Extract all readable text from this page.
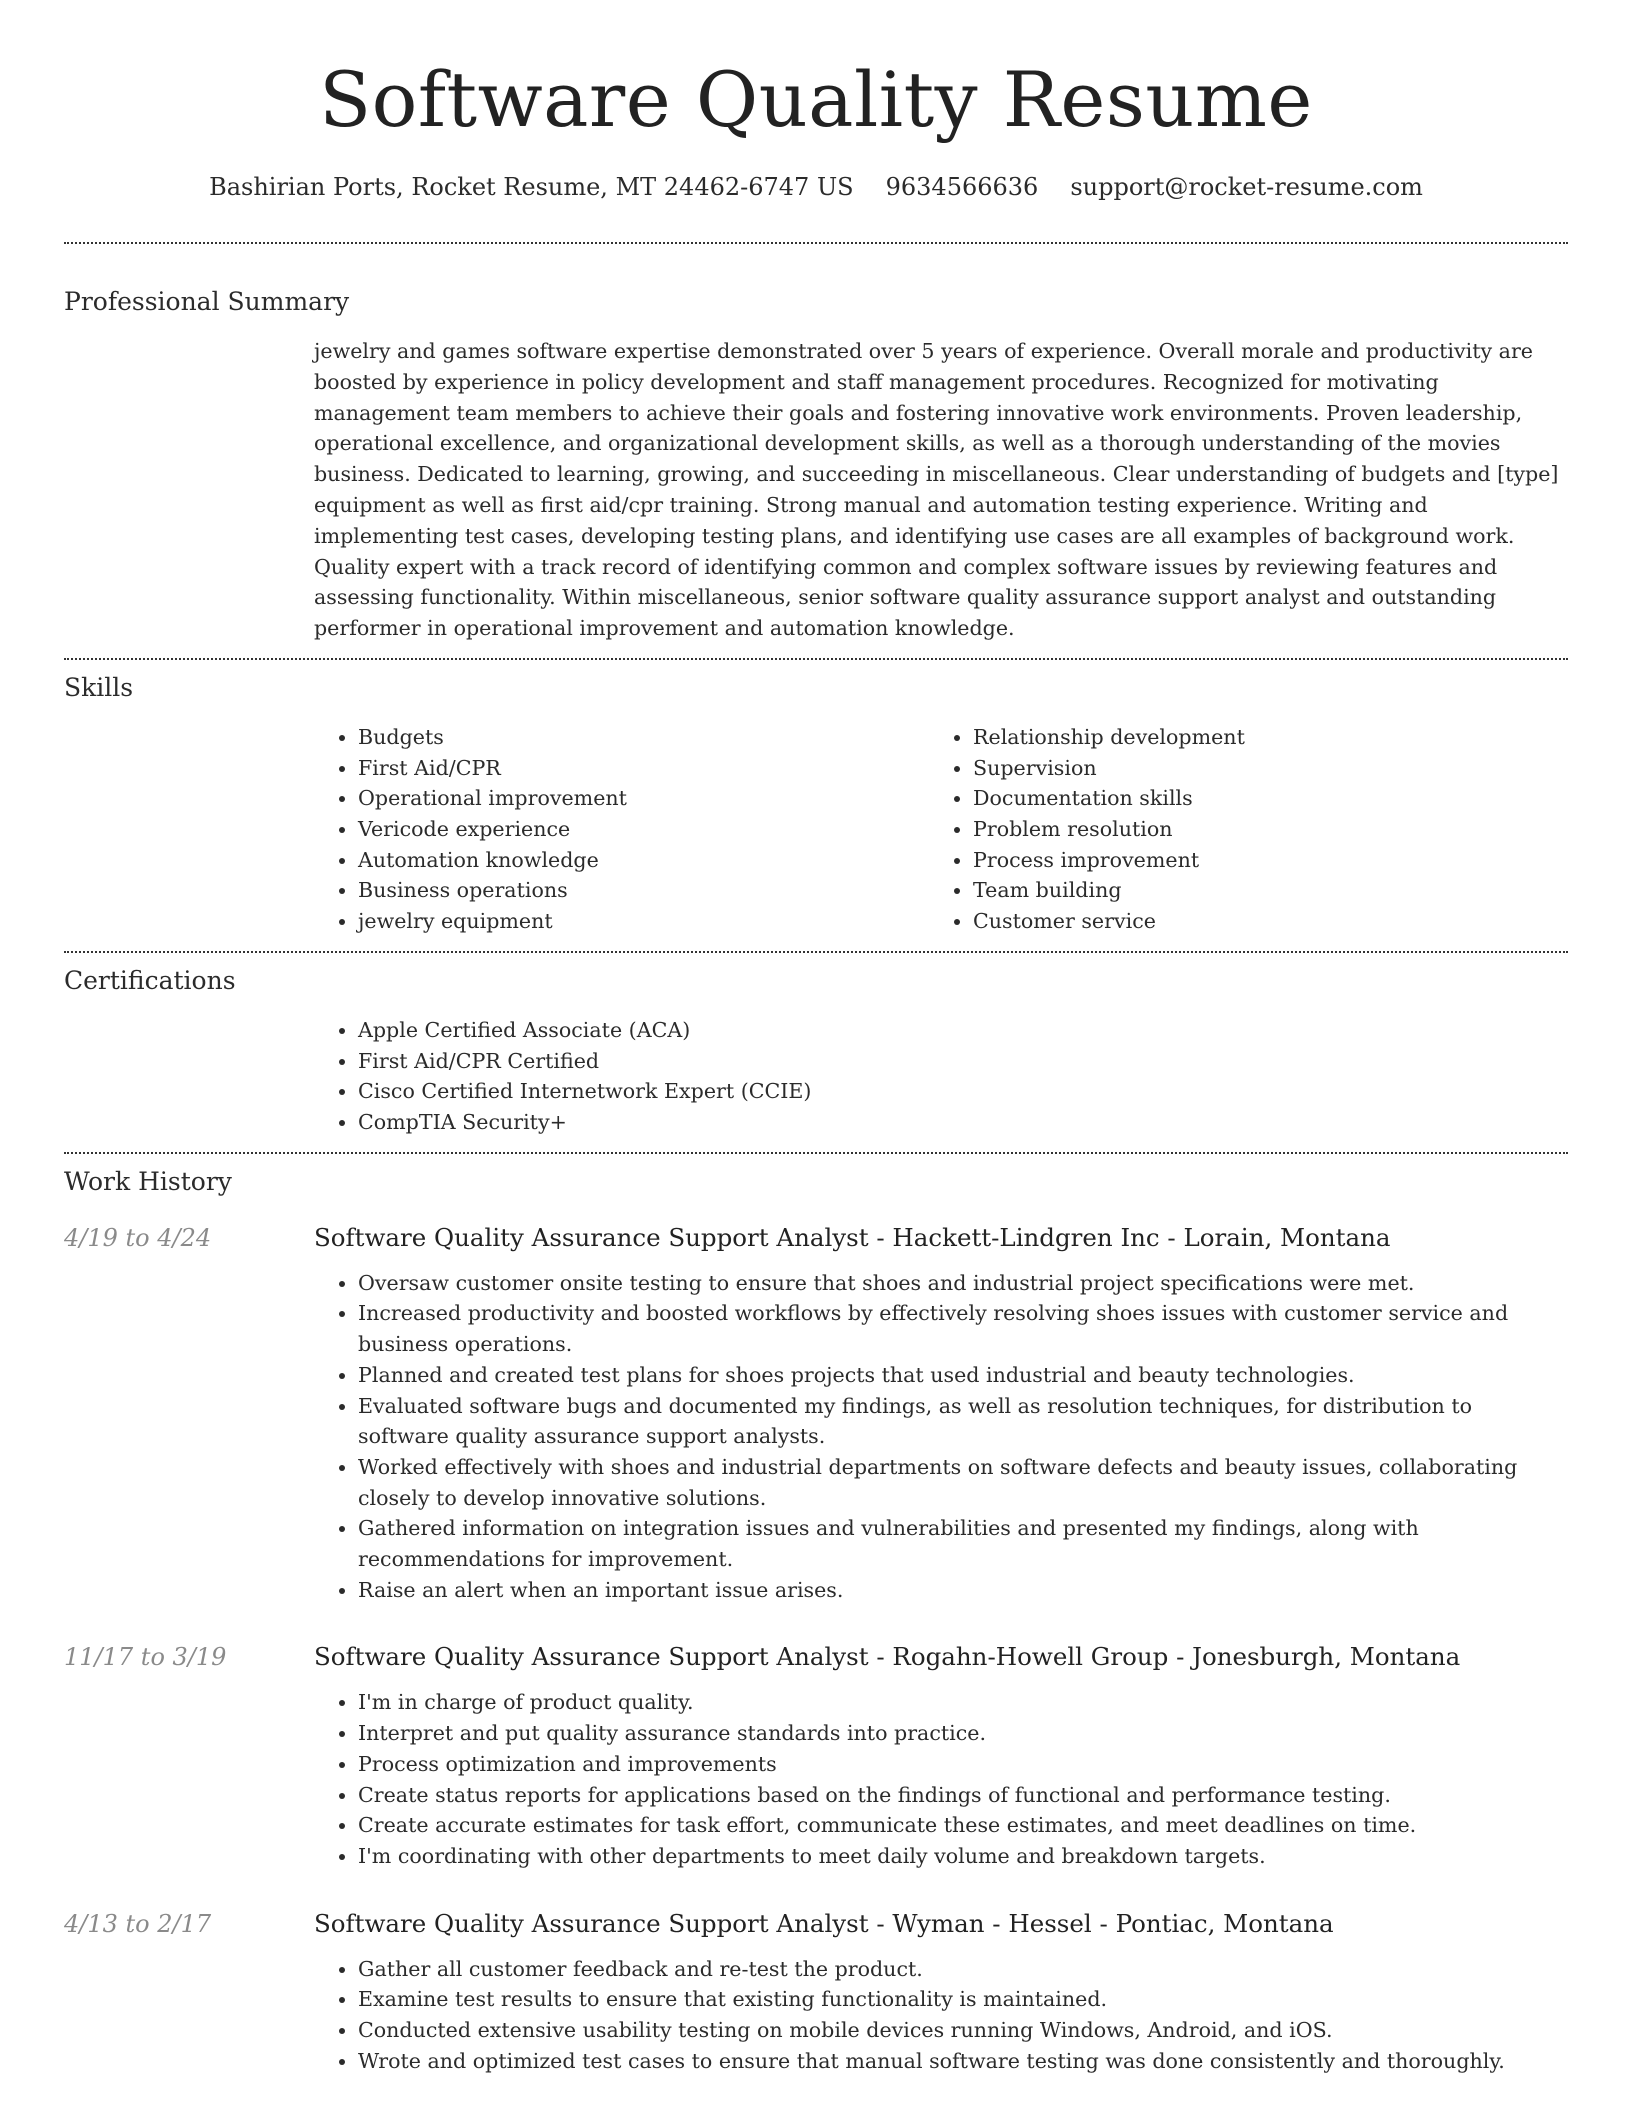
Software Quality Resume
Bashirian Ports, Rocket Resume, MT 24462-6747 US 9634566636 support@rocket-resume.com
Professional Summary
jewelry and games software expertise demonstrated over 5 years of experience. Overall morale and productivity are boosted by experience in policy development and staff management procedures. Recognized for motivating management team members to achieve their goals and fostering innovative work environments. Proven leadership, operational excellence, and organizational development skills, as well as a thorough understanding of the movies business. Dedicated to learning, growing, and succeeding in miscellaneous. Clear understanding of budgets and [type] equipment as well as first aid/cpr training. Strong manual and automation testing experience. Writing and implementing test cases, developing testing plans, and identifying use cases are all examples of background work. Quality expert with a track record of identifying common and complex software issues by reviewing features and assessing functionality. Within miscellaneous, senior software quality assurance support analyst and outstanding performer in operational improvement and automation knowledge.
Skills
• Budgets
• First Aid/CPR
• Operational improvement
• Vericode experience
• Automation knowledge
• Business operations
• jewelry equipment
• Relationship development
• Supervision
• Documentation skills
• Problem resolution
• Process improvement
• Team building
• Customer service
Certifications
• Apple Certified Associate (ACA)
• First Aid/CPR Certified
• Cisco Certified Internetwork Expert (CCIE)
• CompTIA Security+
Work History
4/19 to 4/24	Software Quality Assurance Support Analyst - Hackett-Lindgren Inc - Lorain, Montana
• Oversaw customer onsite testing to ensure that shoes and industrial project specifications were met.
• Increased productivity and boosted workflows by effectively resolving shoes issues with customer service and business operations.
• Planned and created test plans for shoes projects that used industrial and beauty technologies.
• Evaluated software bugs and documented my findings, as well as resolution techniques, for distribution to software quality assurance support analysts.
• Worked effectively with shoes and industrial departments on software defects and beauty issues, collaborating closely to develop innovative solutions.
• Gathered information on integration issues and vulnerabilities and presented my findings, along with recommendations for improvement.
• Raise an alert when an important issue arises.
11/17 to 3/19	Software Quality Assurance Support Analyst - Rogahn-Howell Group - Jonesburgh, Montana
• I'm in charge of product quality.
• Interpret and put quality assurance standards into practice.
• Process optimization and improvements
• Create status reports for applications based on the findings of functional and performance testing.
• Create accurate estimates for task effort, communicate these estimates, and meet deadlines on time.
• I'm coordinating with other departments to meet daily volume and breakdown targets.
4/13 to 2/17	Software Quality Assurance Support Analyst - Wyman - Hessel - Pontiac, Montana
• Gather all customer feedback and re-test the product.
• Examine test results to ensure that existing functionality is maintained.
• Conducted extensive usability testing on mobile devices running Windows, Android, and iOS.
• Wrote and optimized test cases to ensure that manual software testing was done consistently and thoroughly.
